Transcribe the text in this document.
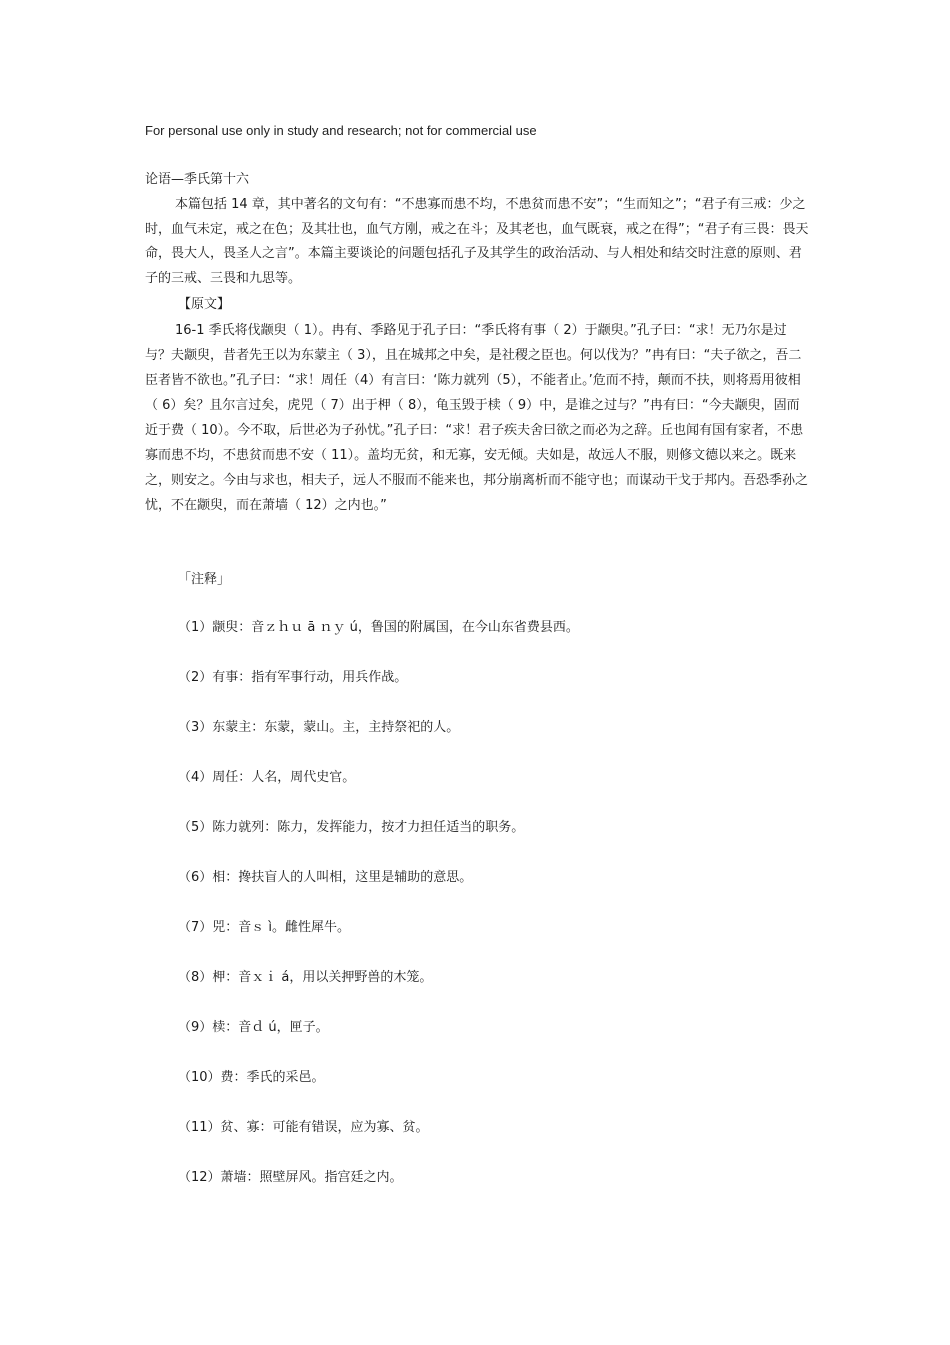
For personal use only in study and research; not for commercial use
论语—季氏第十六

本篇包括 14 章，其中著名的文句有：“不患寡而患不均，不患贫而患不安”；“生而知之”；“君子有三戒：少之时，血气未定，戒之在色；及其壮也，血气方刚，戒之在斗；及其老也，血气既衰，戒之在得”；“君子有三畏：畏天命，畏大人，畏圣人之言”。本篇主要谈论的问题包括孔子及其学生的政治活动、与人相处和结交时注意的原则、君子的三戒、三畏和九思等。

【原文】

16-1 季氏将伐颛臾（ 1）。冉有、季路见于孔子曰：“季氏将有事（ 2）于颛臾。”孔子曰：“求！无乃尔是过与？夫颛臾，昔者先王以为东蒙主（ 3），且在城邦之中矣，是社稷之臣也。何以伐为？”冉有曰：“夫子欲之，吾二臣者皆不欲也。”孔子曰：“求！周任（4）有言曰：‘陈力就列（5），不能者止。’危而不持，颠而不扶，则将焉用彼相（ 6）矣？且尔言过矣，虎兕（ 7）出于柙（ 8），龟玉毁于椟（ 9）中，是谁之过与？”冉有曰：“今夫颛臾，固而近于费（ 10）。今不取，后世必为子孙忧。”孔子曰：“求！君子疾夫舍曰欲之而必为之辞。丘也闻有国有家者，不患寡而患不均，不患贫而患不安（ 11）。盖均无贫，和无寡，安无倾。夫如是，故远人不服，则修文德以来之。既来之，则安之。今由与求也，相夫子，远人不服而不能来也，邦分崩离析而不能守也；而谋动干戈于邦内。吾恐季孙之忧，不在颛臾，而在萧墙（ 12）之内也。”

「注释」
（1）颛臾：音ｚｈｕ ā ｎｙ ú，鲁国的附属国，在今山东省费县西。
（2）有事：指有军事行动，用兵作战。
（3）东蒙主：东蒙，蒙山。主，主持祭祀的人。
（4）周任：人名，周代史官。
（5）陈力就列：陈力，发挥能力，按才力担任适当的职务。
（6）相：搀扶盲人的人叫相，这里是辅助的意思。
（7）兕：音ｓ ì。雌性犀牛。
（8）柙：音ｘｉ á，用以关押野兽的木笼。
（9）椟：音ｄ ú，匣子。
（10）费：季氏的采邑。
（11）贫、寡：可能有错误，应为寡、贫。
（12）萧墙：照壁屏风。指宫廷之内。
